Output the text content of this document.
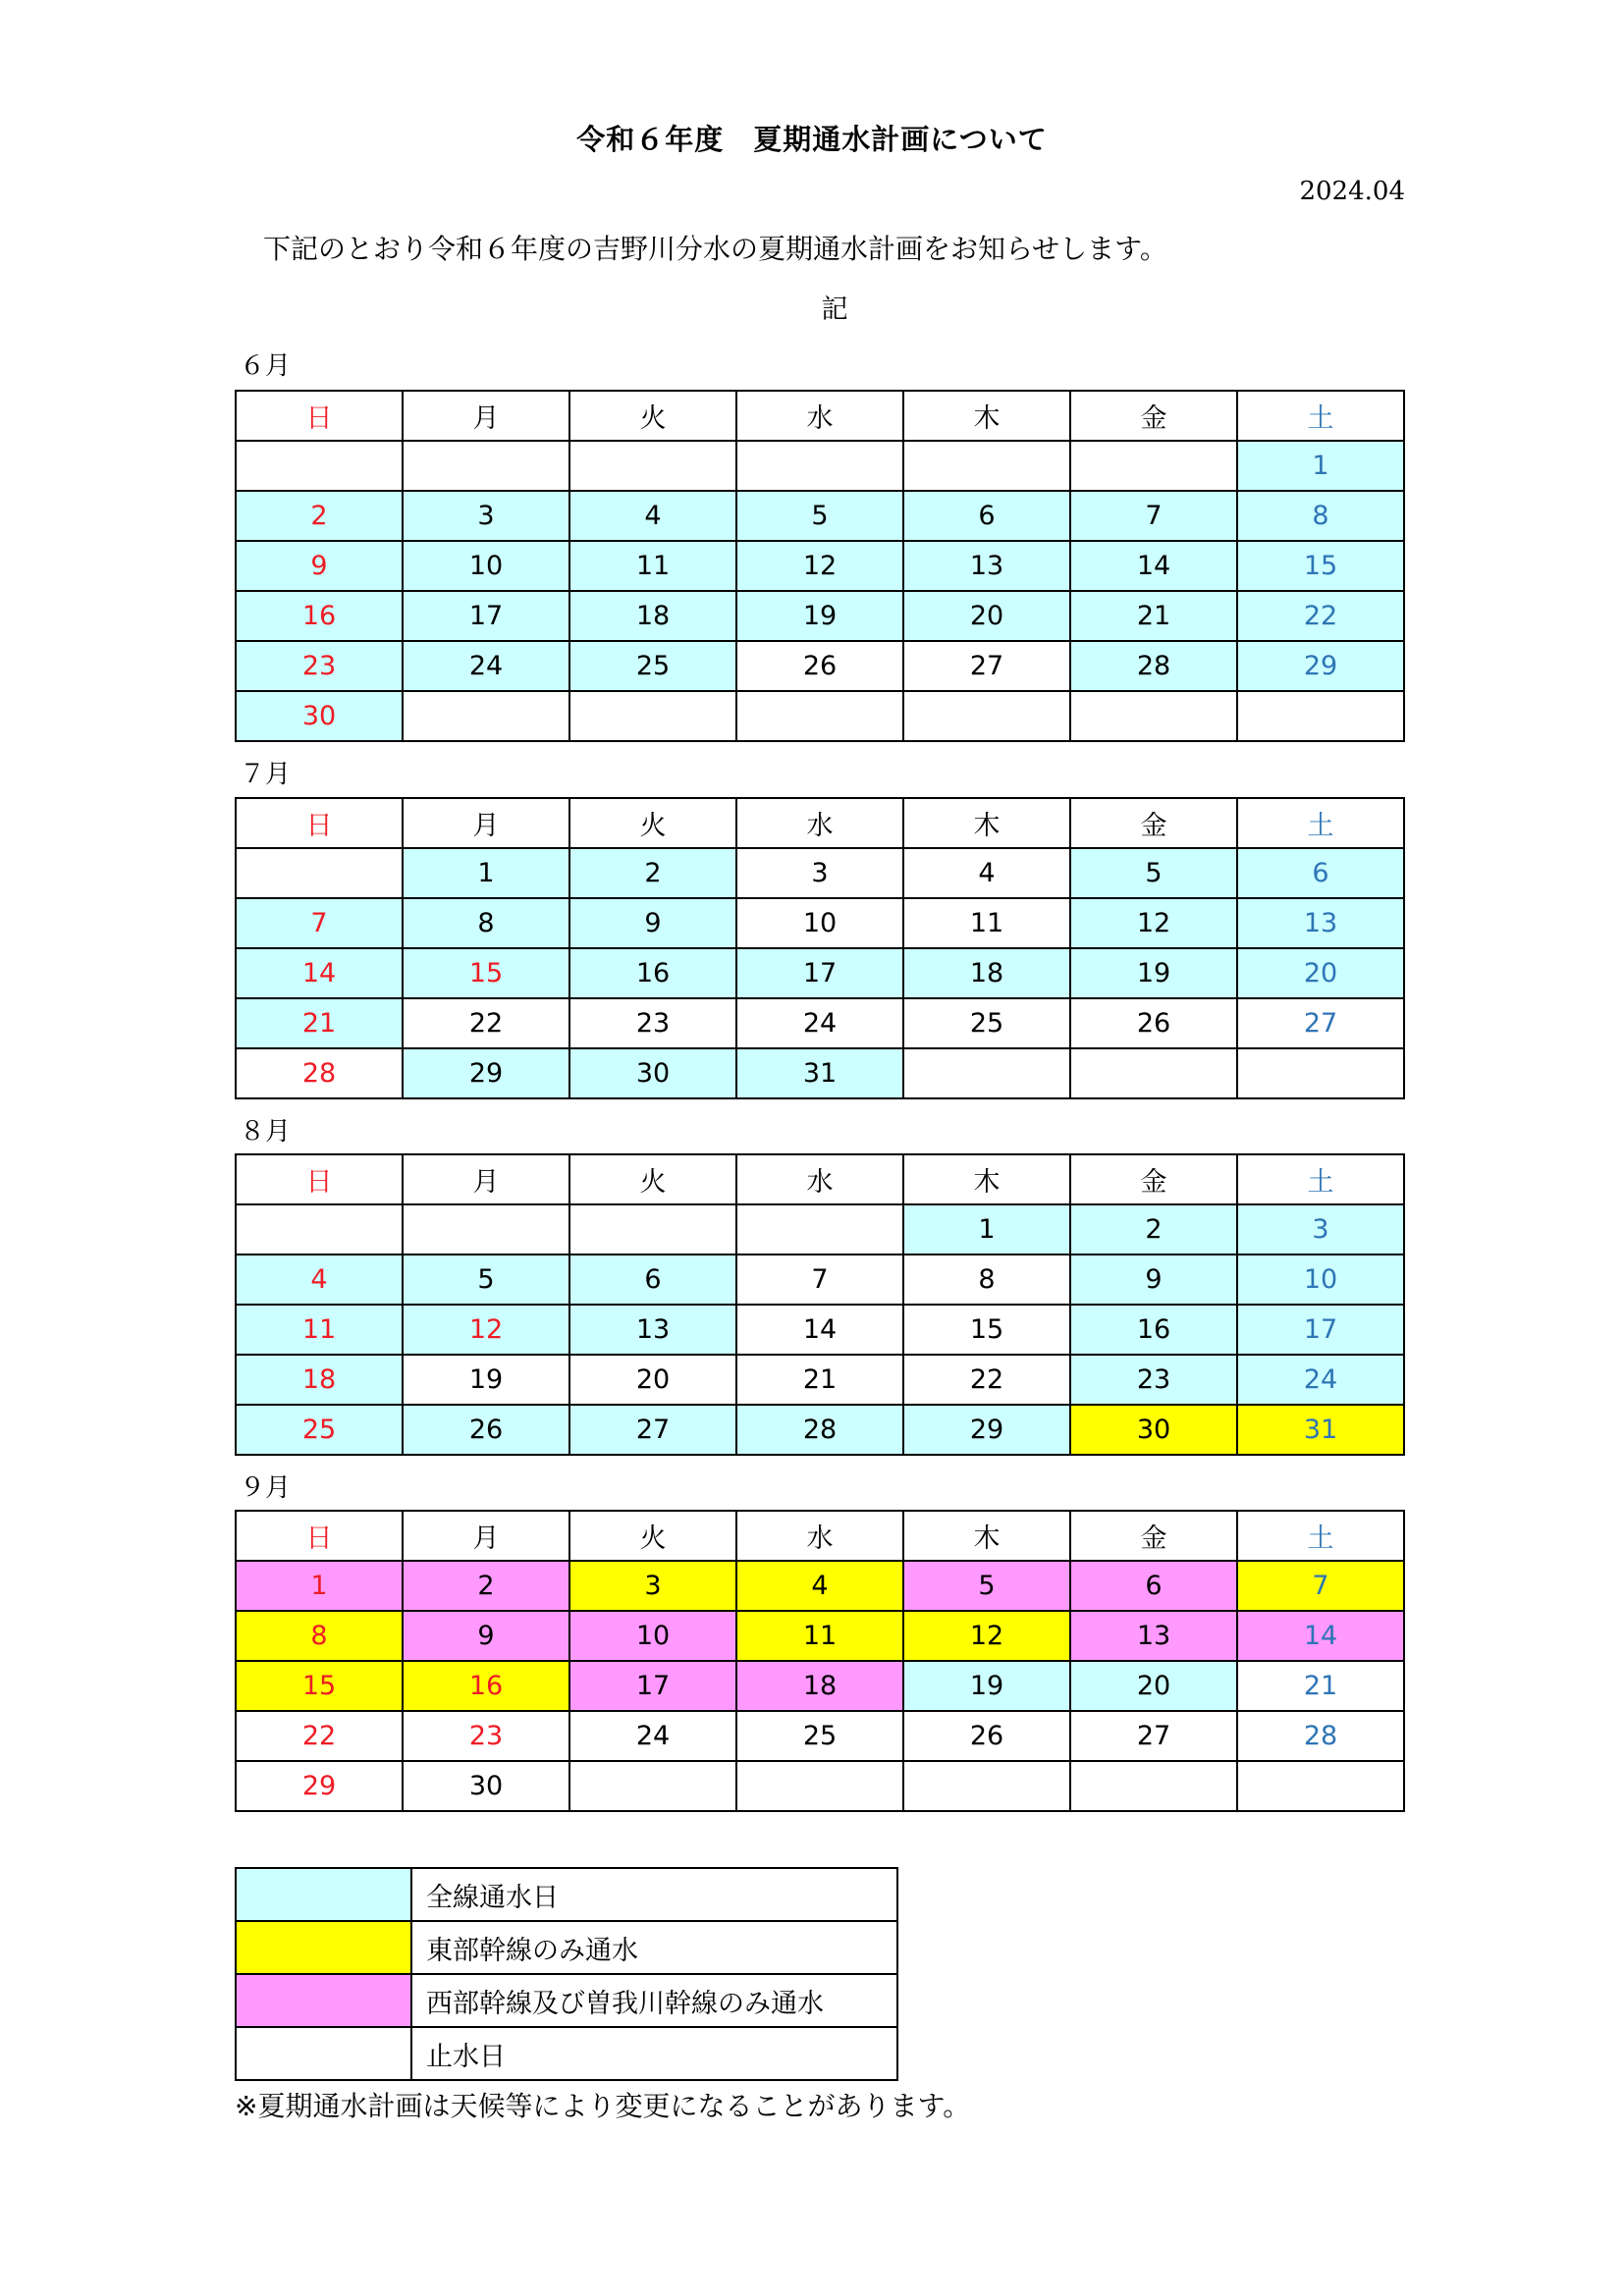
令和６年度　夏期通水計画について
2024.04
下記のとおり令和６年度の吉野川分水の夏期通水計画をお知らせします。
記
６月
日	月	火	水	木	金	土
						1
2	3	4	5	6	7	8
9	10	11	12	13	14	15
16	17	18	19	20	21	22
23	24	25	26	27	28	29
30						
７月
日	月	火	水	木	金	土
	1	2	3	4	5	6
7	8	9	10	11	12	13
14	15	16	17	18	19	20
21	22	23	24	25	26	27
28	29	30	31			
８月
日	月	火	水	木	金	土
				1	2	3
4	5	6	7	8	9	10
11	12	13	14	15	16	17
18	19	20	21	22	23	24
25	26	27	28	29	30	31
９月
日	月	火	水	木	金	土
1	2	3	4	5	6	7
8	9	10	11	12	13	14
15	16	17	18	19	20	21
22	23	24	25	26	27	28
29	30					
	全線通水日
	東部幹線のみ通水
	西部幹線及び曽我川幹線のみ通水
	止水日
※夏期通水計画は天候等により変更になることがあります。
